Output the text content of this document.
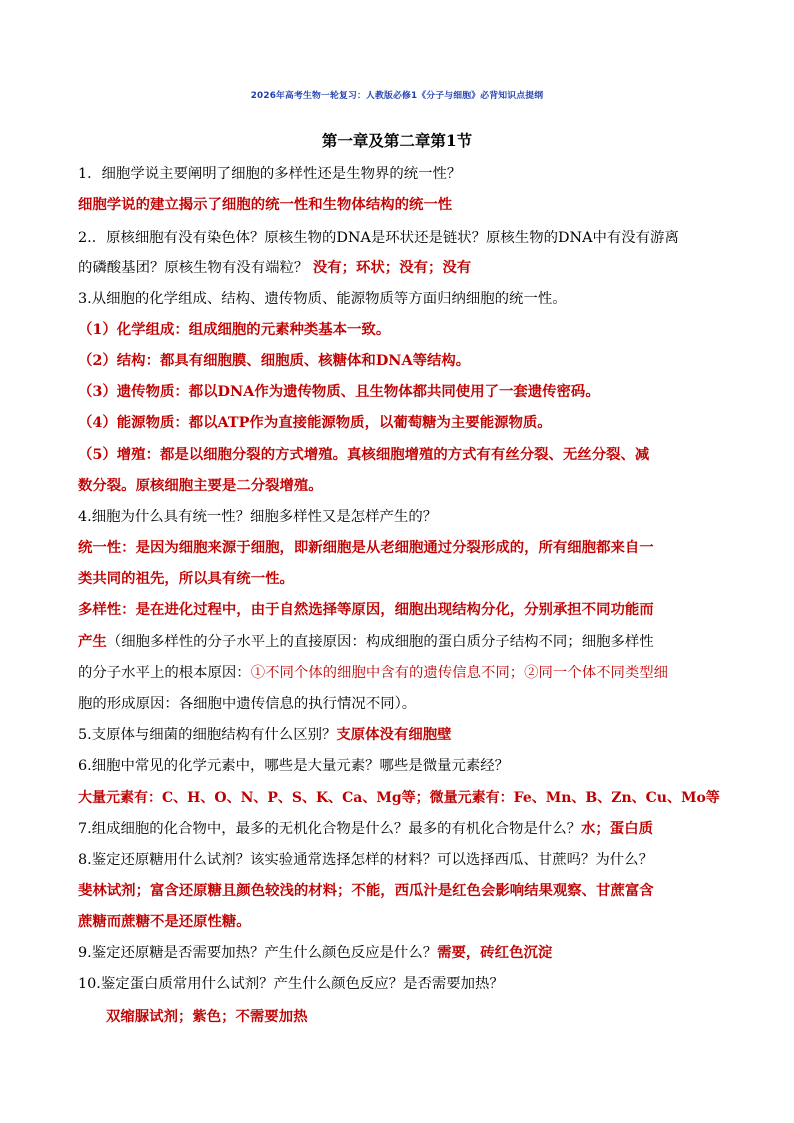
2026年高考生物一轮复习：人教版必修1《分子与细胞》必背知识点提纲
第一章及第二章第1节
1．细胞学说主要阐明了细胞的多样性还是生物界的统一性？
细胞学说的建立揭示了细胞的统一性和生物体结构的统一性
2.．原核细胞有没有染色体？原核生物的DNA是环状还是链状？原核生物的DNA中有没有游离
的磷酸基团？原核生物有没有端粒？ 没有；环状；没有；没有
3.从细胞的化学组成、结构、遗传物质、能源物质等方面归纳细胞的统一性。
（1）化学组成：组成细胞的元素种类基本一致。
（2）结构：都具有细胞膜、细胞质、核糖体和DNA等结构。
（3）遗传物质：都以DNA作为遗传物质、且生物体都共同使用了一套遗传密码。
（4）能源物质：都以ATP作为直接能源物质，以葡萄糖为主要能源物质。
（5）增殖：都是以细胞分裂的方式增殖。真核细胞增殖的方式有有丝分裂、无丝分裂、减
数分裂。原核细胞主要是二分裂增殖。
4.细胞为什么具有统一性？细胞多样性又是怎样产生的？
统一性：是因为细胞来源于细胞，即新细胞是从老细胞通过分裂形成的，所有细胞都来自一
类共同的祖先，所以具有统一性。
多样性：是在进化过程中，由于自然选择等原因，细胞出现结构分化，分别承担不同功能而
产生（细胞多样性的分子水平上的直接原因：构成细胞的蛋白质分子结构不同；细胞多样性
的分子水平上的根本原因：①不同个体的细胞中含有的遗传信息不同；②同一个体不同类型细
胞的形成原因：各细胞中遗传信息的执行情况不同）。
5.支原体与细菌的细胞结构有什么区别？支原体没有细胞壁
6.细胞中常见的化学元素中，哪些是大量元素？哪些是微量元素经？
大量元素有：C、H、O、N、P、S、K、Ca、Mg等；微量元素有：Fe、Mn、B、Zn、Cu、Mo等
7.组成细胞的化合物中，最多的无机化合物是什么？最多的有机化合物是什么？水；蛋白质
8.鉴定还原糖用什么试剂？该实验通常选择怎样的材料？可以选择西瓜、甘蔗吗？为什么？
斐林试剂；富含还原糖且颜色较浅的材料；不能，西瓜汁是红色会影响结果观察、甘蔗富含
蔗糖而蔗糖不是还原性糖。
9.鉴定还原糖是否需要加热？产生什么颜色反应是什么？需要，砖红色沉淀
10.鉴定蛋白质常用什么试剂？产生什么颜色反应？是否需要加热？
双缩脲试剂；紫色；不需要加热
